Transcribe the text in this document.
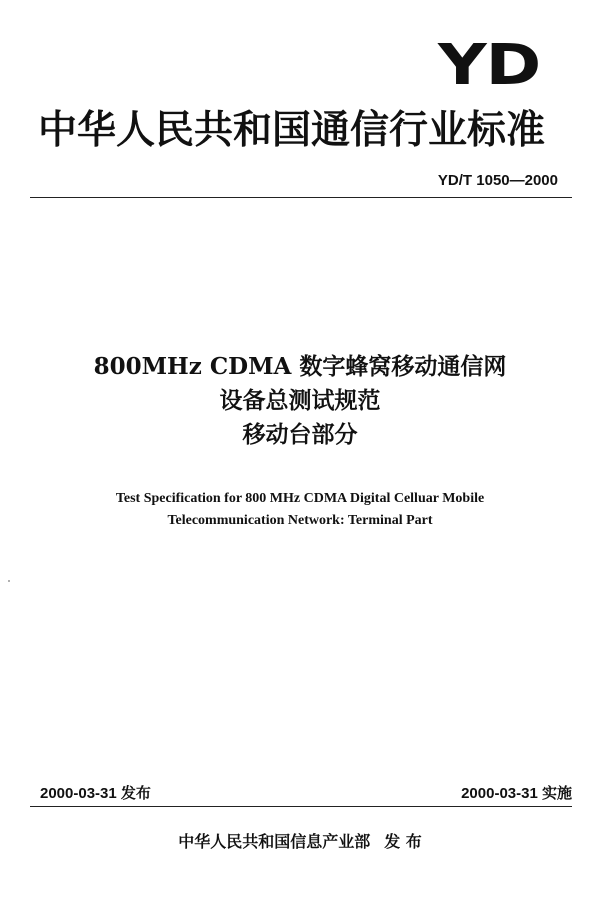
YD
中华人民共和国通信行业标准
YD/T 1050—2000
800MHz CDMA 数字蜂窝移动通信网
设备总测试规范
移动台部分
Test Specification for 800 MHz CDMA Digital Celluar Mobile
Telecommunication Network: Terminal Part
2000-03-31 发布	2000-03-31 实施
中华人民共和国信息产业部 发 布
